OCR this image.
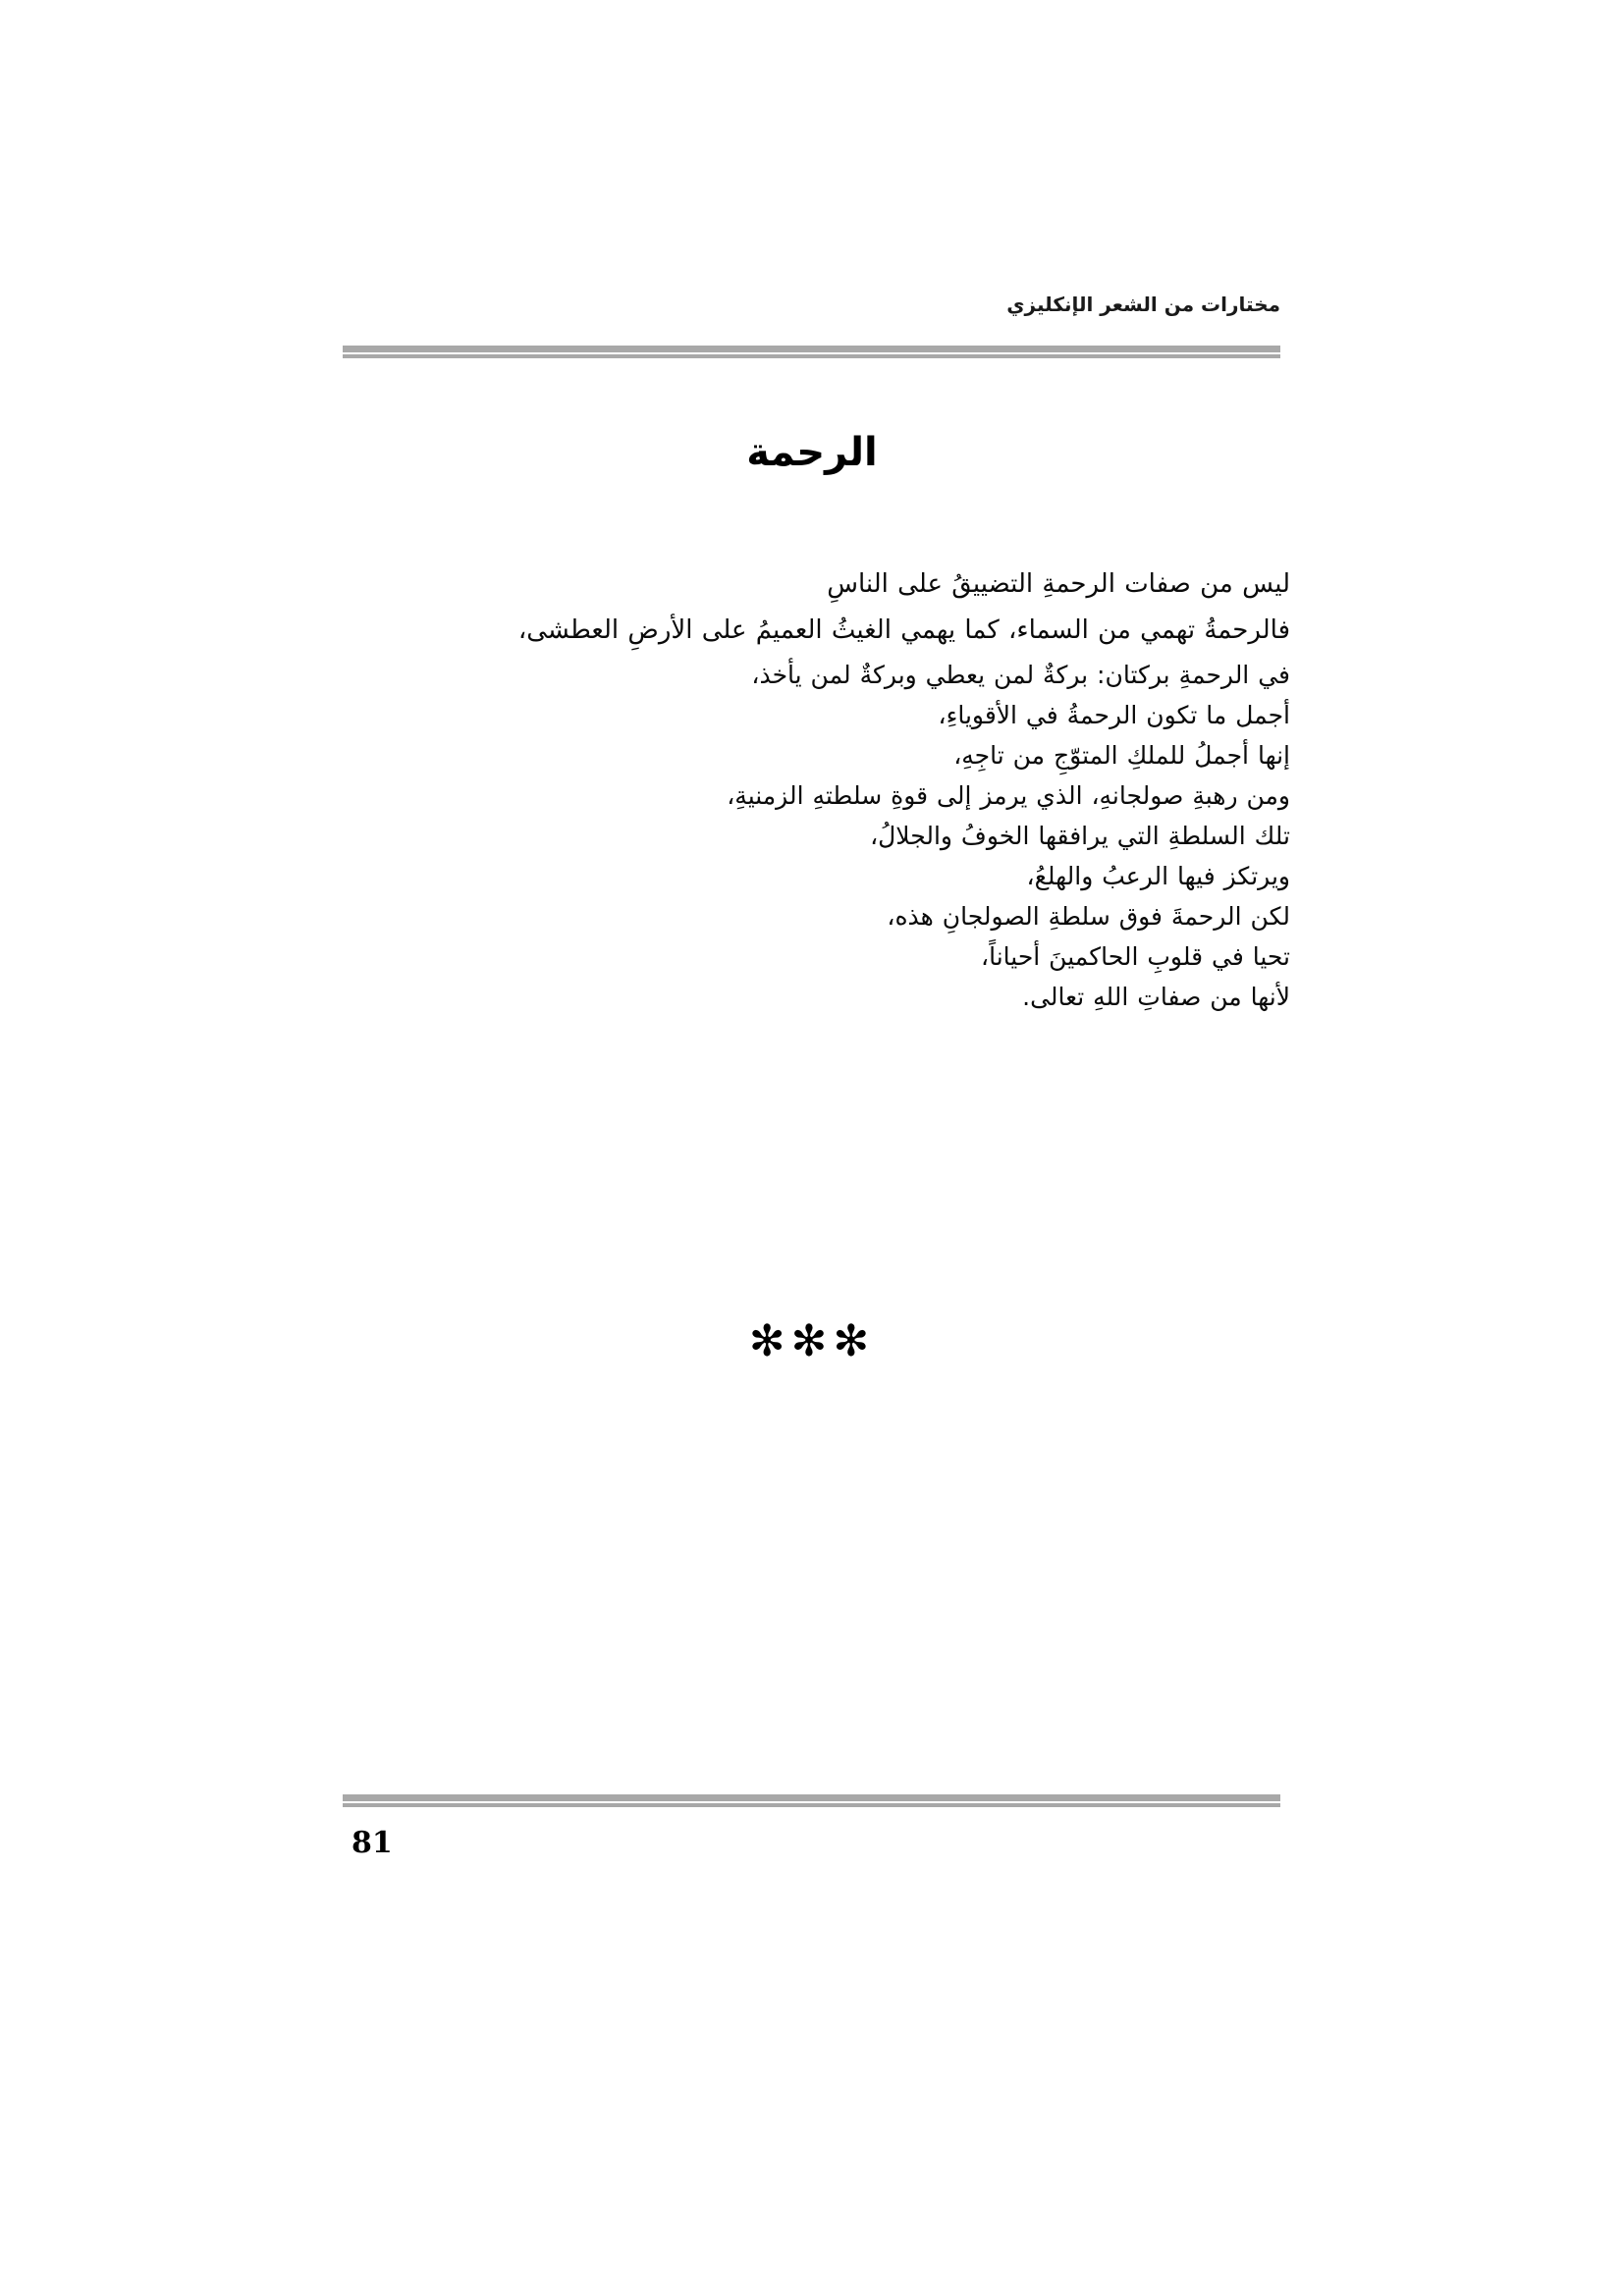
مختارات من الشعر الإنكليزي
الرحمة

ليس من صفات الرحمةِ التضييقُ على الناسِ

فالرحمةُ تهمي من السماء، كما يهمي الغيثُ العميمُ على الأرضِ العطشى،

في الرحمةِ بركتان: بركةٌ لمن يعطي وبركةٌ لمن يأخذ،

أجمل ما تكون الرحمةُ في الأقوياءِ،

إنها أجملُ للملكِ المتوّجِ من تاجِهِ،

ومن رهبةِ صولجانهِ، الذي يرمز إلى قوةِ سلطتهِ الزمنيةِ،

تلك السلطةِ التي يرافقها الخوفُ والجلالُ،

ويرتكز فيها الرعبُ والهلعُ،

لكن الرحمةَ فوق سلطةِ الصولجانِ هذه،

تحيا في قلوبِ الحاكمينَ أحياناً،

لأنها من صفاتِ اللهِ تعالى.

✻✻✻
81
